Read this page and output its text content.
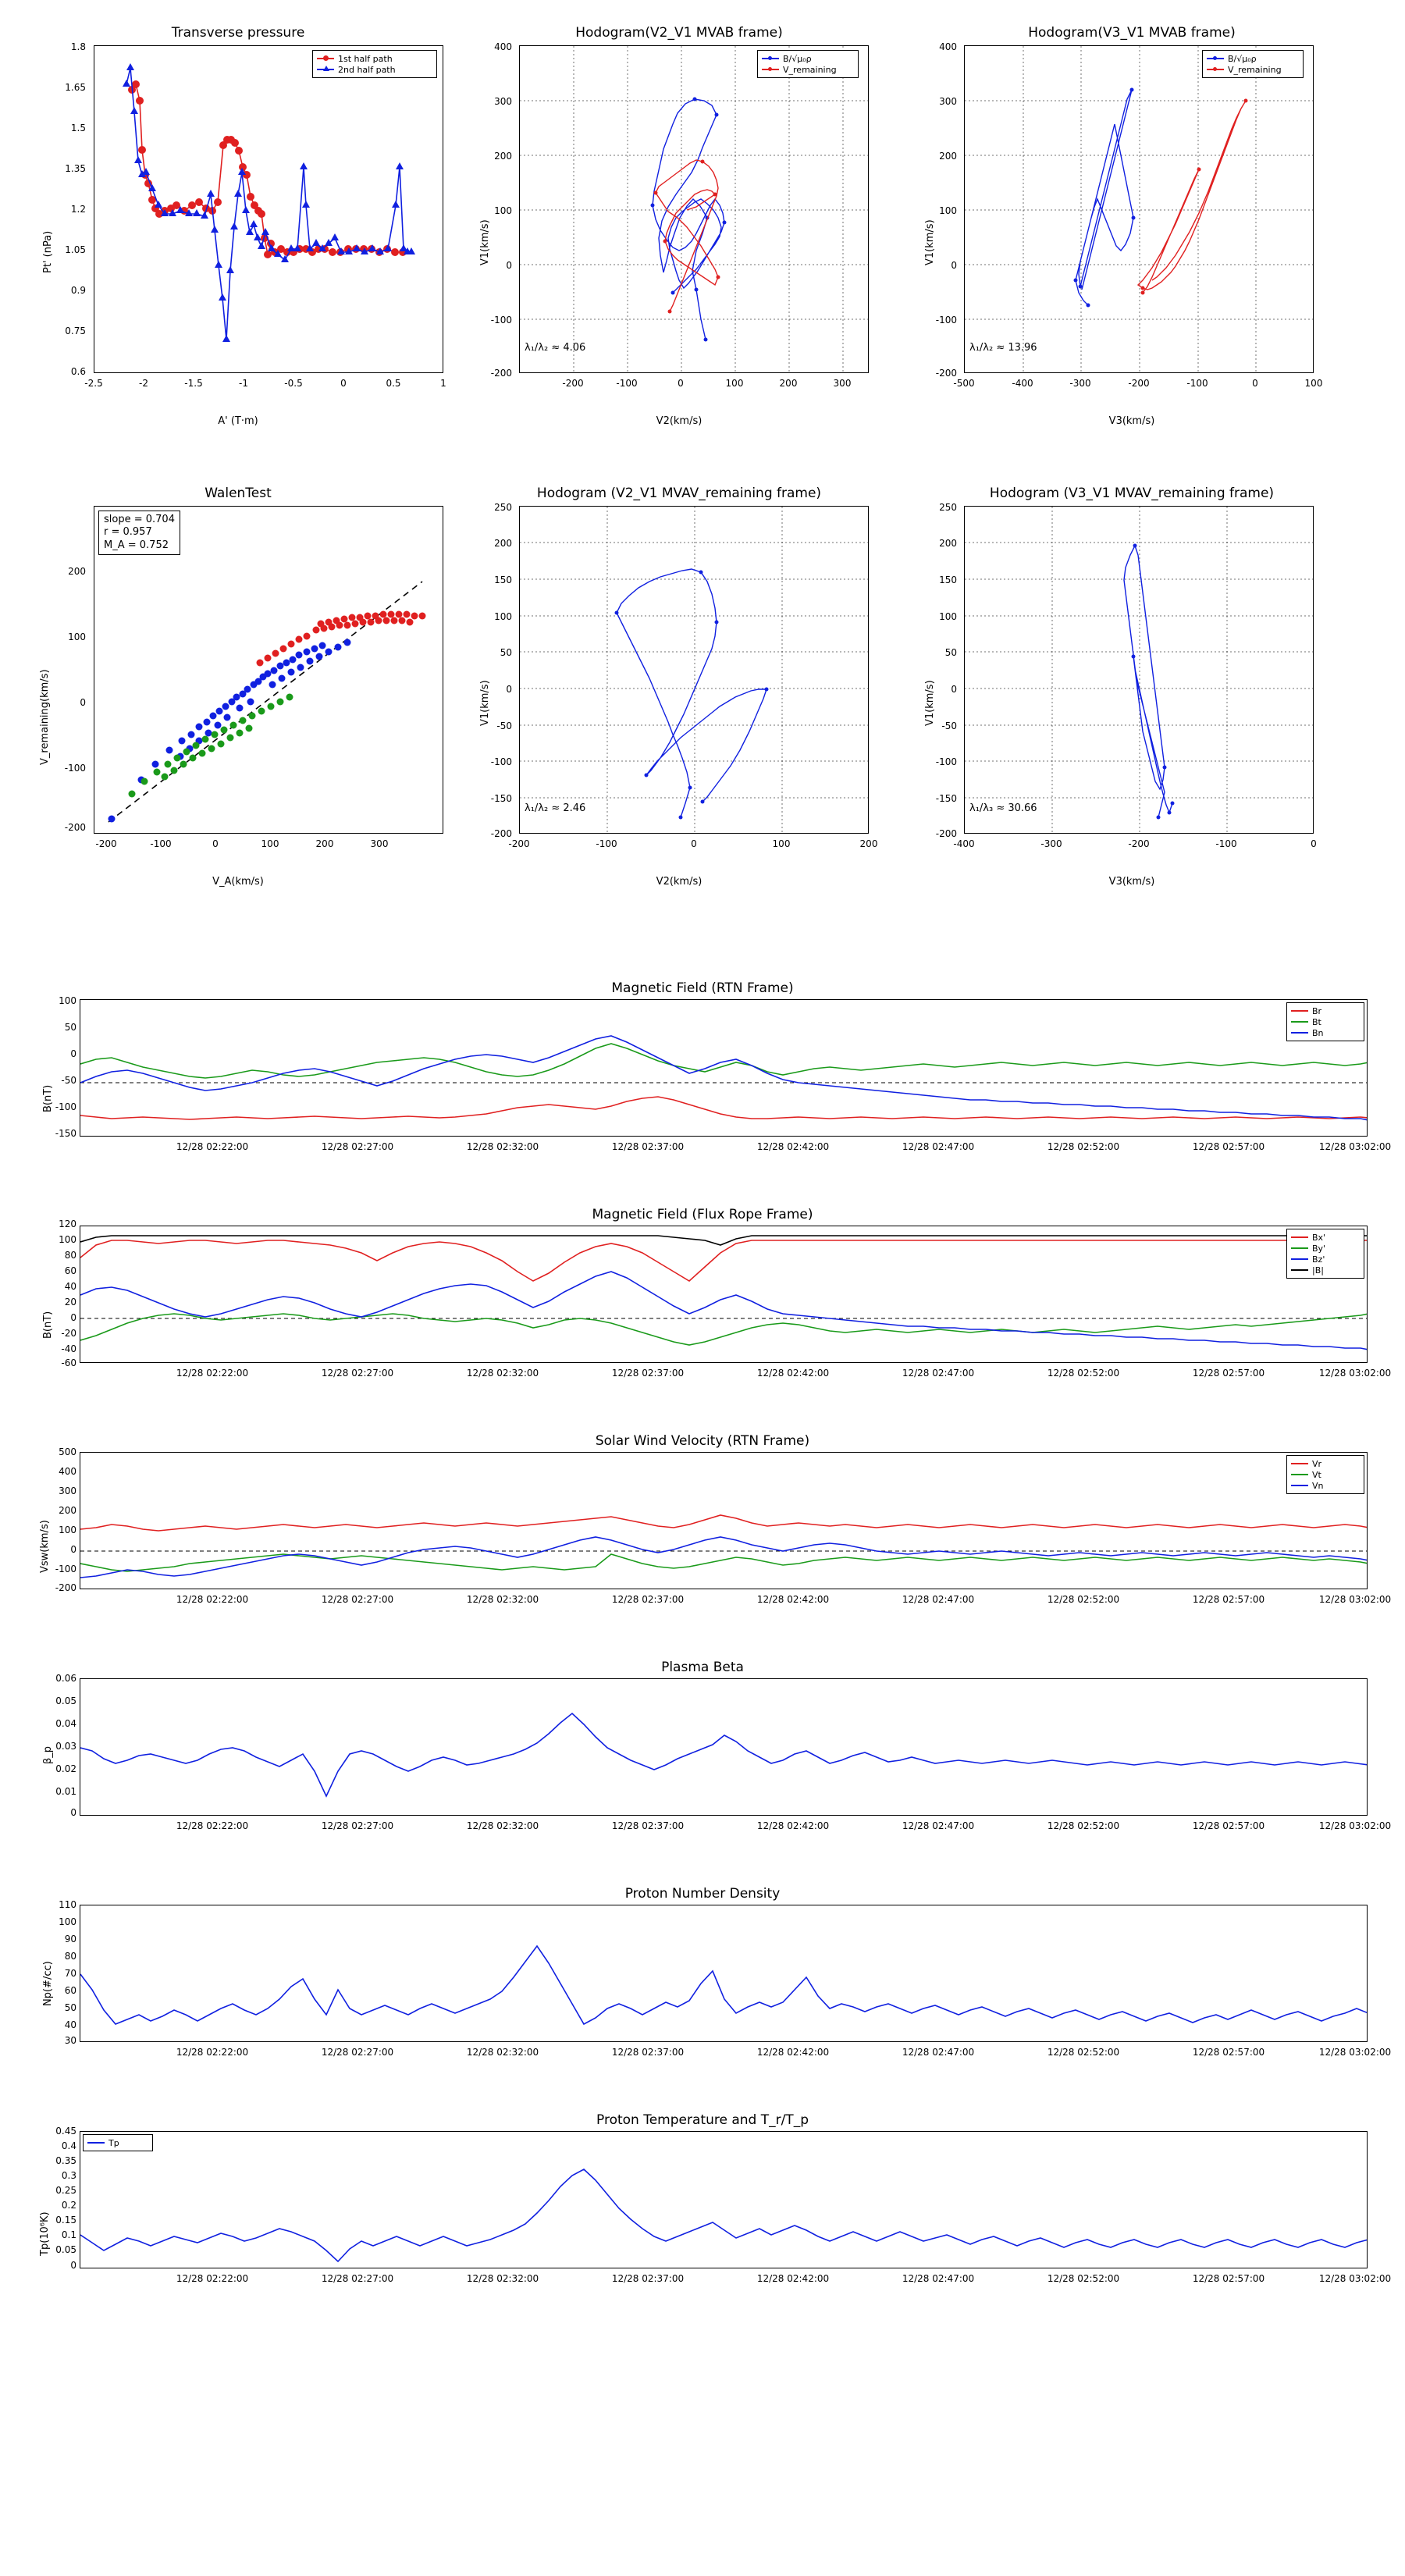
Transverse pressure
Pt' (nPa)
A' (T·m)
1.8
1.65
1.5
1.35
1.2
1.05
0.9
0.75
0.6
-2.5	-2	-1.5	-1	-0.5	0	0.5	1
1st half path
2nd half path
Hodogram(V2_V1 MVAB frame)
V1(km/s)
V2(km/s)
400
300
200
100
0
-100
-200
-200	-100	0	100	200	300
B/√μ₀ρ
V_remaining
λ₁/λ₂ ≈ 4.06
Hodogram(V3_V1 MVAB frame)
V1(km/s)
V3(km/s)
400
300
200
100
0
-100
-200
-500	-400	-300	-200	-100	0	100
B/√μ₀ρ
V_remaining
λ₁/λ₂ ≈ 13.96
WalenTest
V_remaining(km/s)
V_A(km/s)
200
100
0
-100
-200
-200	-100	0	100	200	300
slope = 0.704
r = 0.957
M_A = 0.752
Hodogram (V2_V1 MVAV_remaining frame)
V1(km/s)
V2(km/s)
250
200
150
100
50
0
-50
-100
-150
-200
-200	-100	0	100	200
λ₁/λ₂ ≈ 2.46
Hodogram (V3_V1 MVAV_remaining frame)
V1(km/s)
V3(km/s)
250
200
150
100
50
0
-50
-100
-150
-200
-400	-300	-200	-100	0
λ₁/λ₃ ≈ 30.66
Magnetic Field (RTN Frame)
B(nT)
100
50
0
-50
-100
-150
12/28 02:22:00	12/28 02:27:00	12/28 02:32:00	12/28 02:37:00	12/28 02:42:00	12/28 02:47:00	12/28 02:52:00	12/28 02:57:00	12/28 03:02:00
Br
Bt
Bn
Magnetic Field (Flux Rope Frame)
B(nT)
120
100
80
60
40
20
0
-20
-40
-60
12/28 02:22:00	12/28 02:27:00	12/28 02:32:00	12/28 02:37:00	12/28 02:42:00	12/28 02:47:00	12/28 02:52:00	12/28 02:57:00	12/28 03:02:00
Bx'
By'
Bz'
|B|
Solar Wind Velocity (RTN Frame)
Vsw(km/s)
500
400
300
200
100
0
-100
-200
12/28 02:22:00	12/28 02:27:00	12/28 02:32:00	12/28 02:37:00	12/28 02:42:00	12/28 02:47:00	12/28 02:52:00	12/28 02:57:00	12/28 03:02:00
Vr
Vt
Vn
Plasma Beta
β_p
0.06
0.05
0.04
0.03
0.02
0.01
0
12/28 02:22:00	12/28 02:27:00	12/28 02:32:00	12/28 02:37:00	12/28 02:42:00	12/28 02:47:00	12/28 02:52:00	12/28 02:57:00	12/28 03:02:00
Proton Number Density
Np(#/cc)
110
100
90
80
70
60
50
40
30
12/28 02:22:00	12/28 02:27:00	12/28 02:32:00	12/28 02:37:00	12/28 02:42:00	12/28 02:47:00	12/28 02:52:00	12/28 02:57:00	12/28 03:02:00
Proton Temperature and T_r/T_p
Tp(10⁶K)
0.45
0.4
0.35
0.3
0.25
0.2
0.15
0.1
0.05
0
12/28 02:22:00	12/28 02:27:00	12/28 02:32:00	12/28 02:37:00	12/28 02:42:00	12/28 02:47:00	12/28 02:52:00	12/28 02:57:00	12/28 03:02:00
Tp
